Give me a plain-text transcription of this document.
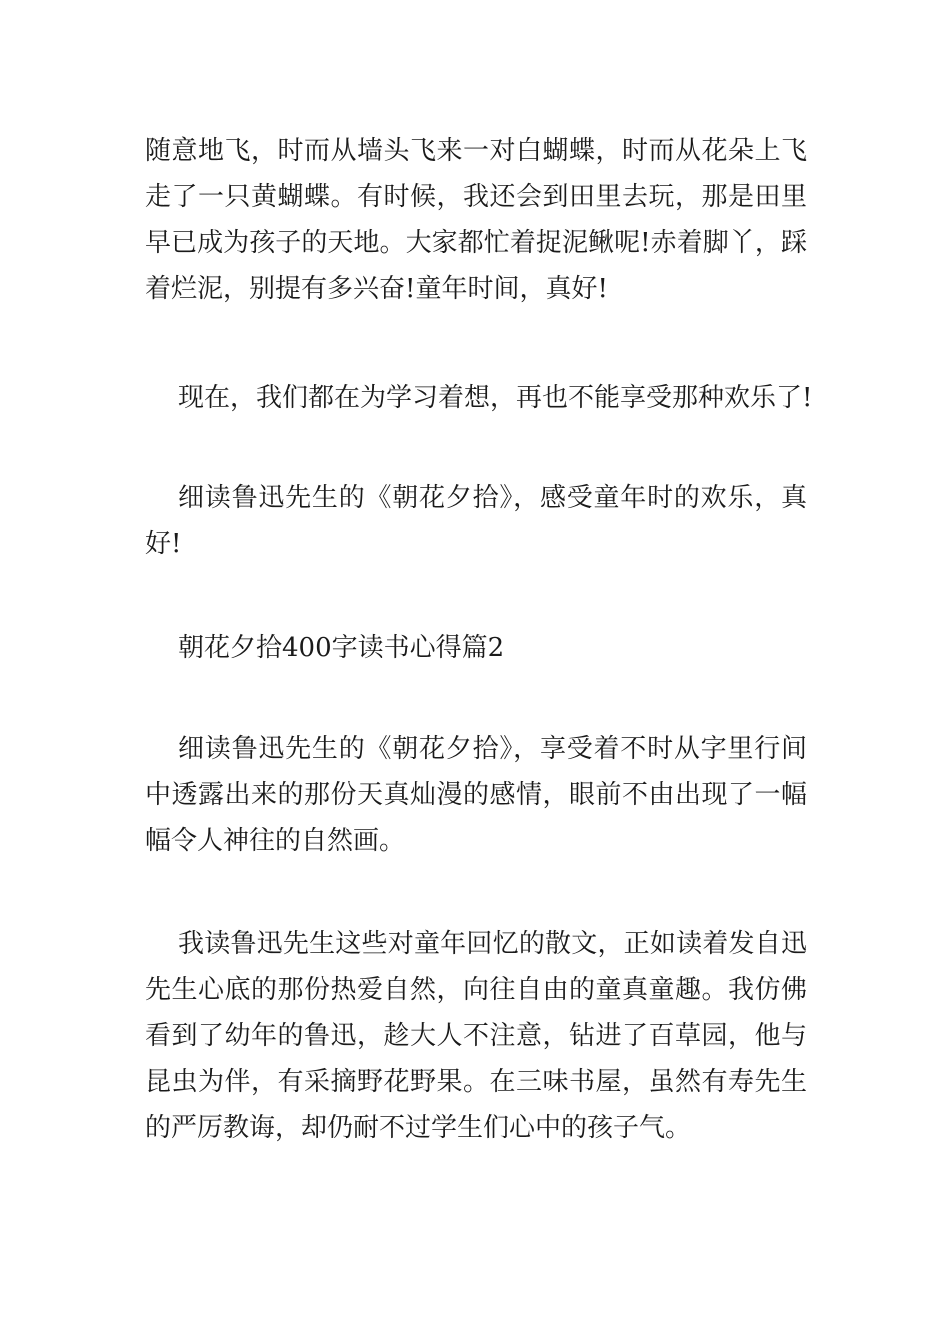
随意地飞，时而从墙头飞来一对白蝴蝶，时而从花朵上飞
走了一只黄蝴蝶。有时候，我还会到田里去玩，那是田里
早已成为孩子的天地。大家都忙着捉泥鳅呢!赤着脚丫，踩
着烂泥，别提有多兴奋!童年时间，真好!
现在，我们都在为学习着想，再也不能享受那种欢乐了!
细读鲁迅先生的《朝花夕拾》，感受童年时的欢乐，真
好!
朝花夕拾400字读书心得篇2
细读鲁迅先生的《朝花夕拾》，享受着不时从字里行间
中透露出来的那份天真灿漫的感情，眼前不由出现了一幅
幅令人神往的自然画。
我读鲁迅先生这些对童年回忆的散文，正如读着发自迅
先生心底的那份热爱自然，向往自由的童真童趣。我仿佛
看到了幼年的鲁迅，趁大人不注意，钻进了百草园，他与
昆虫为伴，有采摘野花野果。在三味书屋，虽然有寿先生
的严厉教诲，却仍耐不过学生们心中的孩子气。
